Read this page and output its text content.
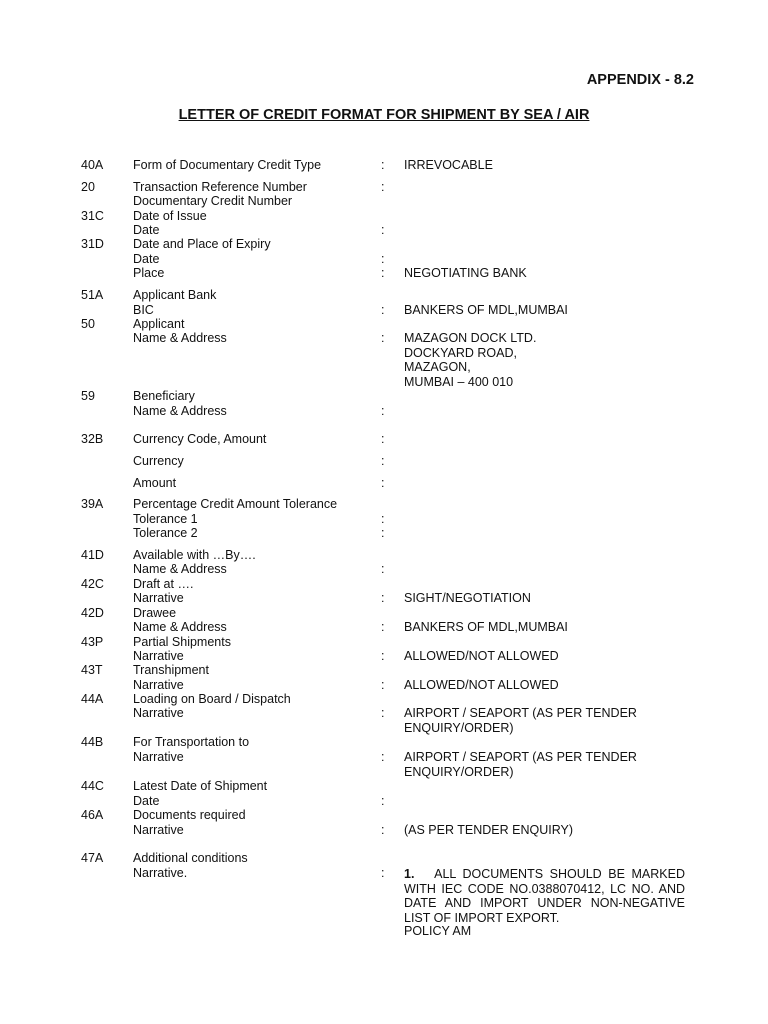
APPENDIX - 8.2
LETTER OF CREDIT FORMAT FOR SHIPMENT BY SEA / AIR
40A Form of Documentary Credit Type	: IRREVOCABLE
20	Transaction Reference Number	:
Documentary Credit Number
31C Date of Issue
Date	:
31D Date and Place of Expiry
Date	:
Place	: NEGOTIATING BANK
51A Applicant Bank
BIC	: BANKERS OF MDL,MUMBAI
50	Applicant
Name & Address	: MAZAGON DOCK LTD.
DOCKYARD ROAD,
MAZAGON,
MUMBAI – 400 010
59	Beneficiary
Name & Address	:
32B Currency Code, Amount	:
Currency	:
Amount	:
39A Percentage Credit Amount Tolerance
Tolerance 1	:
Tolerance 2	:
41D Available with …By….
Name & Address	:
42C Draft at ….
Narrative	: SIGHT/NEGOTIATION
42D Drawee
Name & Address	: BANKERS OF MDL,MUMBAI
43P Partial Shipments
Narrative	: ALLOWED/NOT ALLOWED
43T Transhipment
Narrative	: ALLOWED/NOT ALLOWED
44A Loading on Board / Dispatch
Narrative	: AIRPORT / SEAPORT (AS PER TENDER
ENQUIRY/ORDER)
44B For Transportation to
Narrative	: AIRPORT / SEAPORT (AS PER TENDER
ENQUIRY/ORDER)
44C Latest Date of Shipment
Date	:
46A Documents required
Narrative	: (AS PER TENDER ENQUIRY)
47A Additional conditions
Narrative.	: 1. ALL DOCUMENTS SHOULD BE MARKED WITH IEC CODE NO.0388070412, LC NO. AND DATE AND IMPORT UNDER NON-NEGATIVE LIST OF IMPORT EXPORT.
POLICY AM
